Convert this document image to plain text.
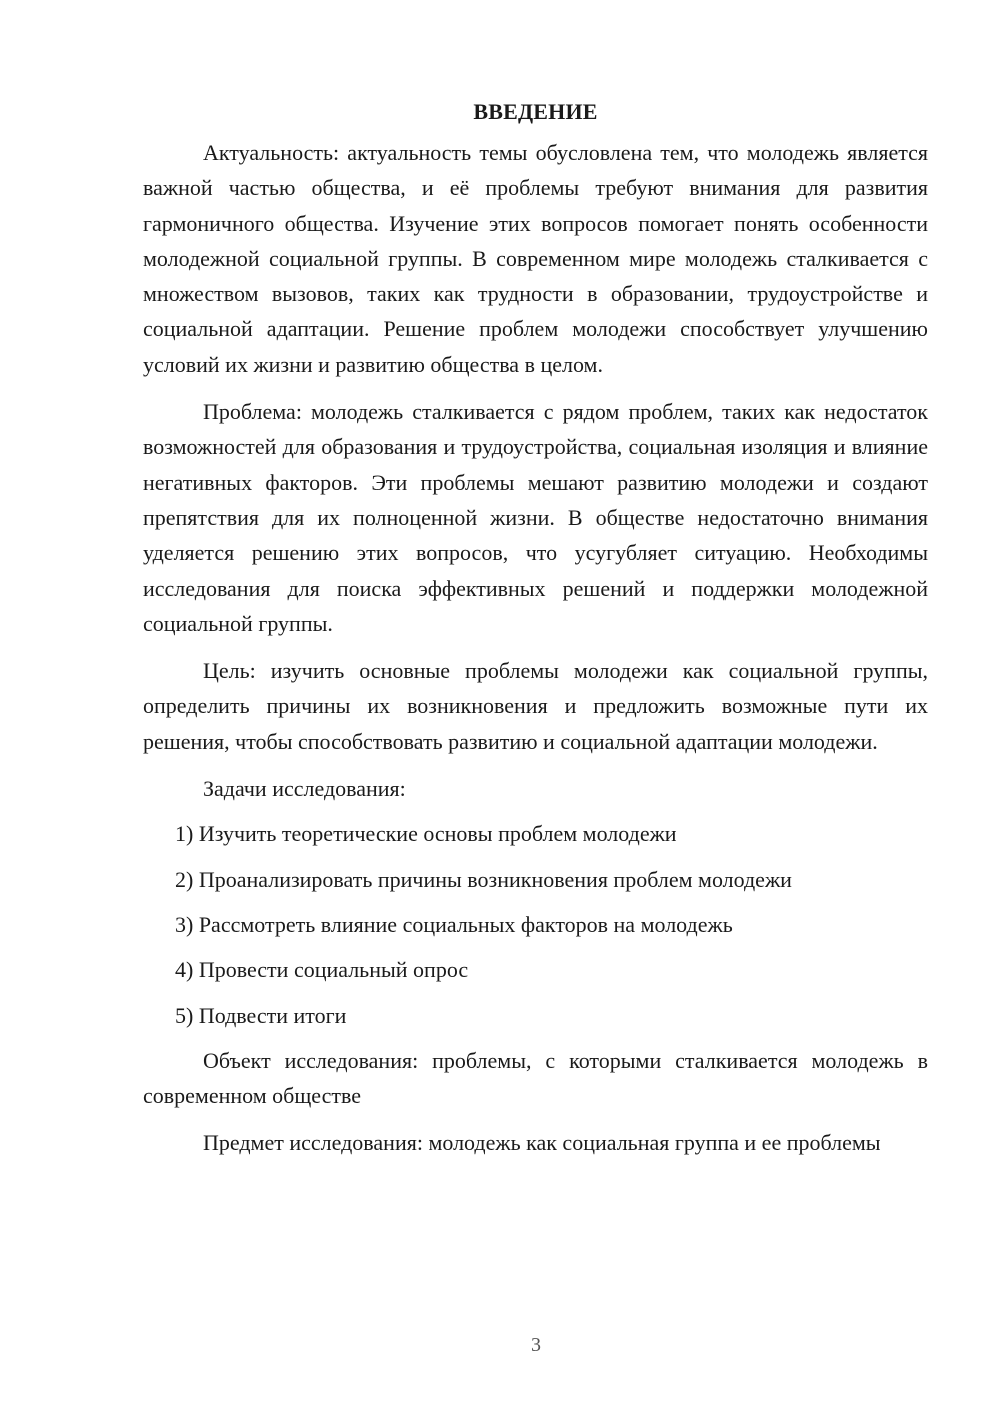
ВВЕДЕНИЕ

Актуальность: актуальность темы обусловлена тем, что молодежь является важной частью общества, и её проблемы требуют внимания для развития гармоничного общества. Изучение этих вопросов помогает понять особенности молодежной социальной группы. В современном мире молодежь сталкивается с множеством вызовов, таких как трудности в образовании, трудоустройстве и социальной адаптации. Решение проблем молодежи способствует улучшению условий их жизни и развитию общества в целом.

Проблема: молодежь сталкивается с рядом проблем, таких как недостаток возможностей для образования и трудоустройства, социальная изоляция и влияние негативных факторов. Эти проблемы мешают развитию молодежи и создают препятствия для их полноценной жизни. В обществе недостаточно внимания уделяется решению этих вопросов, что усугубляет ситуацию. Необходимы исследования для поиска эффективных решений и поддержки молодежной социальной группы.

Цель: изучить основные проблемы молодежи как социальной группы, определить причины их возникновения и предложить возможные пути их решения, чтобы способствовать развитию и социальной адаптации молодежи.

Задачи исследования:

1) Изучить теоретические основы проблем молодежи
2) Проанализировать причины возникновения проблем молодежи
3) Рассмотреть влияние социальных факторов на молодежь
4) Провести социальный опрос
5) Подвести итоги

Объект исследования: проблемы, с которыми сталкивается молодежь в современном обществе

Предмет исследования: молодежь как социальная группа и ее проблемы

3
